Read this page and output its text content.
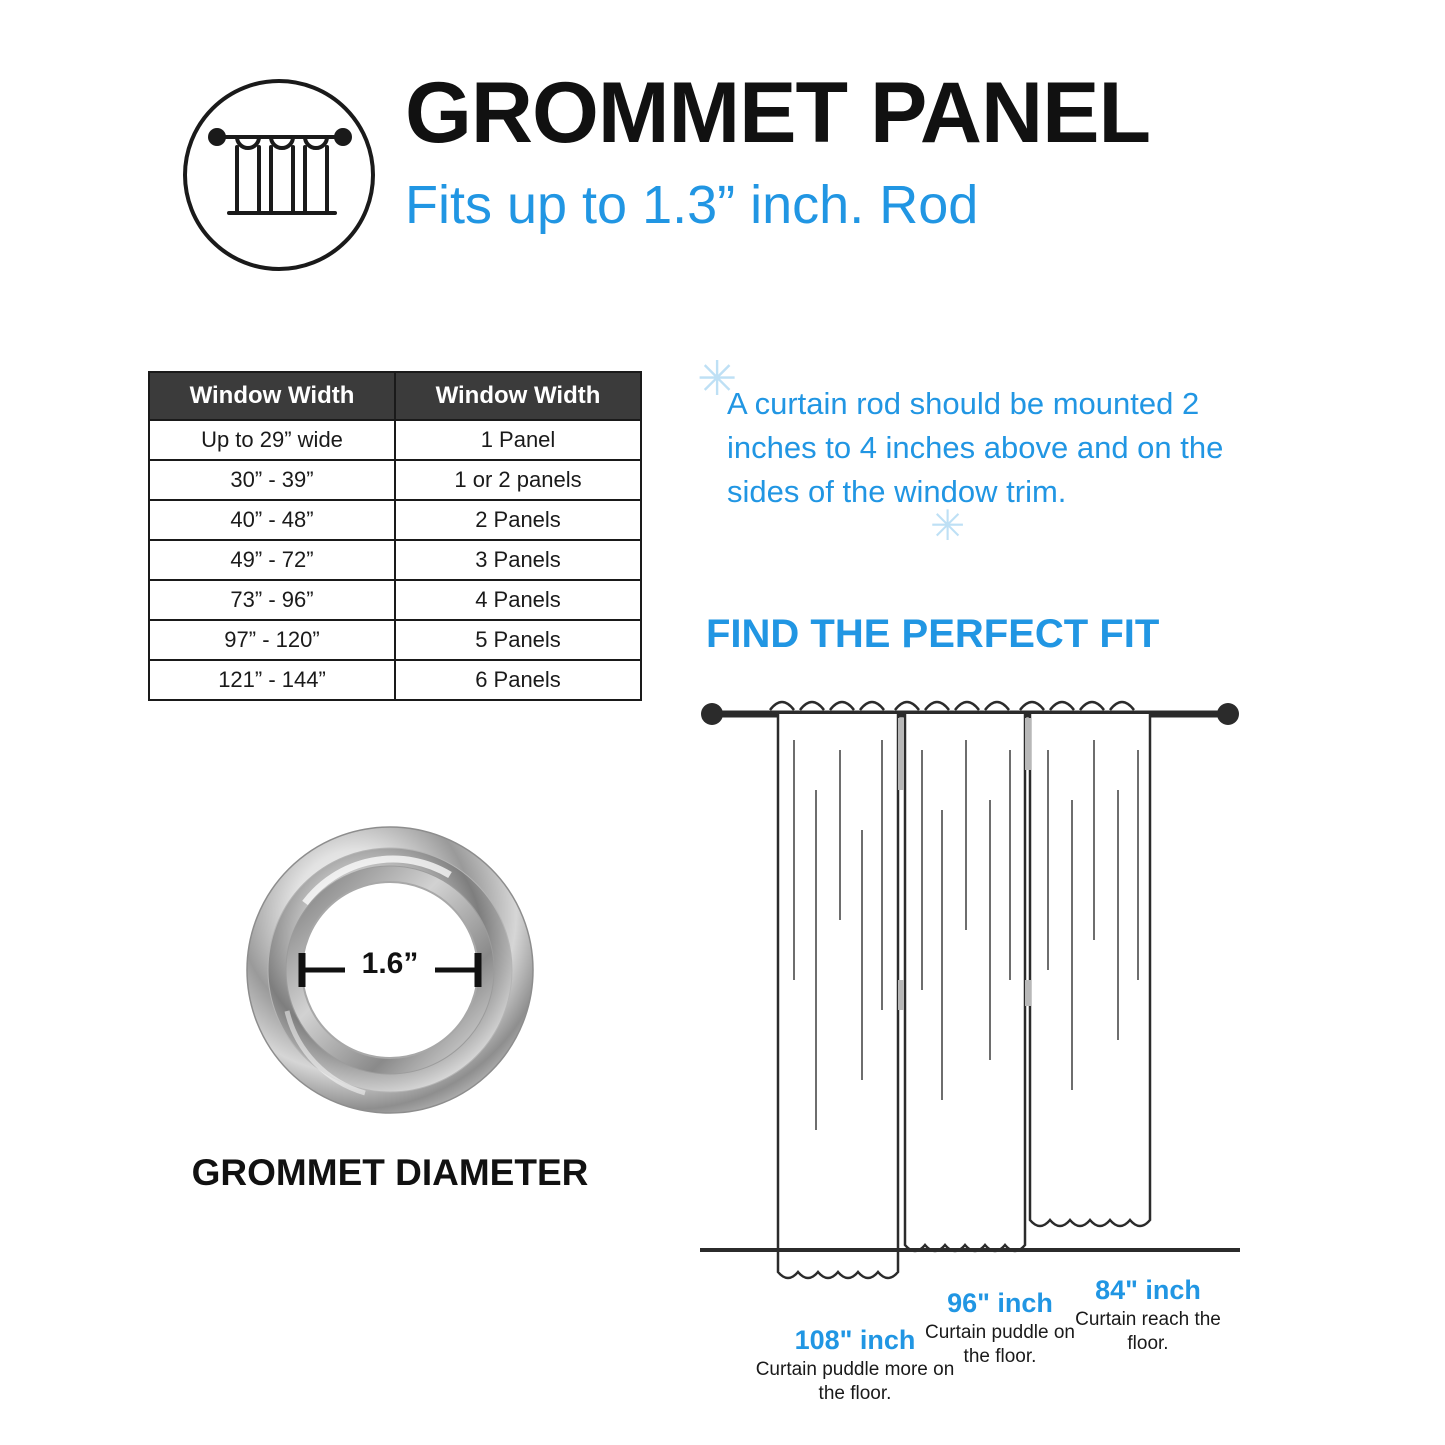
GROMMET PANEL
Fits up to 1.3” inch. Rod
Window Width	Window Width
Up to 29” wide	1 Panel
30” - 39”	1 or 2 panels
40” - 48”	2 Panels
49” - 72”	3 Panels
73” - 96”	4 Panels
97” - 120”	5 Panels
121” - 144”	6 Panels
✳
✳
A curtain rod should be mounted 2 inches to 4 inches above and on the sides of the window trim.
FIND THE PERFECT FIT
1.6”
GROMMET DIAMETER
108" inch
Curtain puddle more on the floor.
96" inch
Curtain puddle on the floor.
84" inch
Curtain reach the floor.
